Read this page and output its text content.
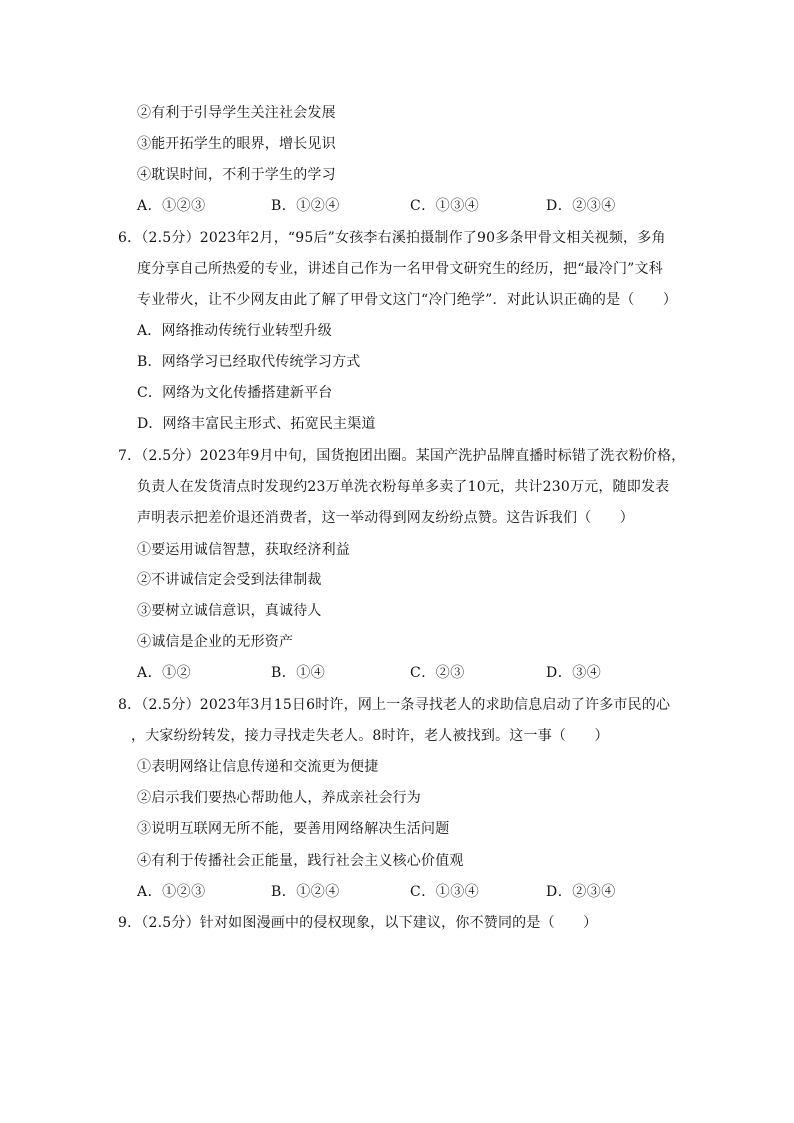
②有利于引导学生关注社会发展
③能开拓学生的眼界，增长见识
④耽误时间，不利于学生的学习
A．①②③	B．①②④	C．①③④	D．②③④
6．（2.5分）2023年2月，“95后”女孩李右溪拍摄制作了90多条甲骨文相关视频，多角
度分享自己所热爱的专业，讲述自己作为一名甲骨文研究生的经历，把“最冷门”文科
专业带火，让不少网友由此了解了甲骨文这门“冷门绝学”．对此认识正确的是（　　）
A．网络推动传统行业转型升级
B．网络学习已经取代传统学习方式
C．网络为文化传播搭建新平台
D．网络丰富民主形式、拓宽民主渠道
7．（2.5分）2023年9月中旬，国货抱团出圈。某国产洗护品牌直播时标错了洗衣粉价格，
负责人在发货清点时发现约23万单洗衣粉每单多卖了10元，共计230万元，随即发表
声明表示把差价退还消费者，这一举动得到网友纷纷点赞。这告诉我们（　　）
①要运用诚信智慧，获取经济利益
②不讲诚信定会受到法律制裁
③要树立诚信意识，真诚待人
④诚信是企业的无形资产
A．①②	B．①④	C．②③	D．③④
8．（2.5分）2023年3月15日6时许，网上一条寻找老人的求助信息启动了许多市民的心
，大家纷纷转发，接力寻找走失老人。8时许，老人被找到。这一事（　　）
①表明网络让信息传递和交流更为便捷
②启示我们要热心帮助他人，养成亲社会行为
③说明互联网无所不能，要善用网络解决生活问题
④有利于传播社会正能量，践行社会主义核心价值观
A．①②③	B．①②④	C．①③④	D．②③④
9．（2.5分）针对如图漫画中的侵权现象，以下建议，你不赞同的是（　　）
